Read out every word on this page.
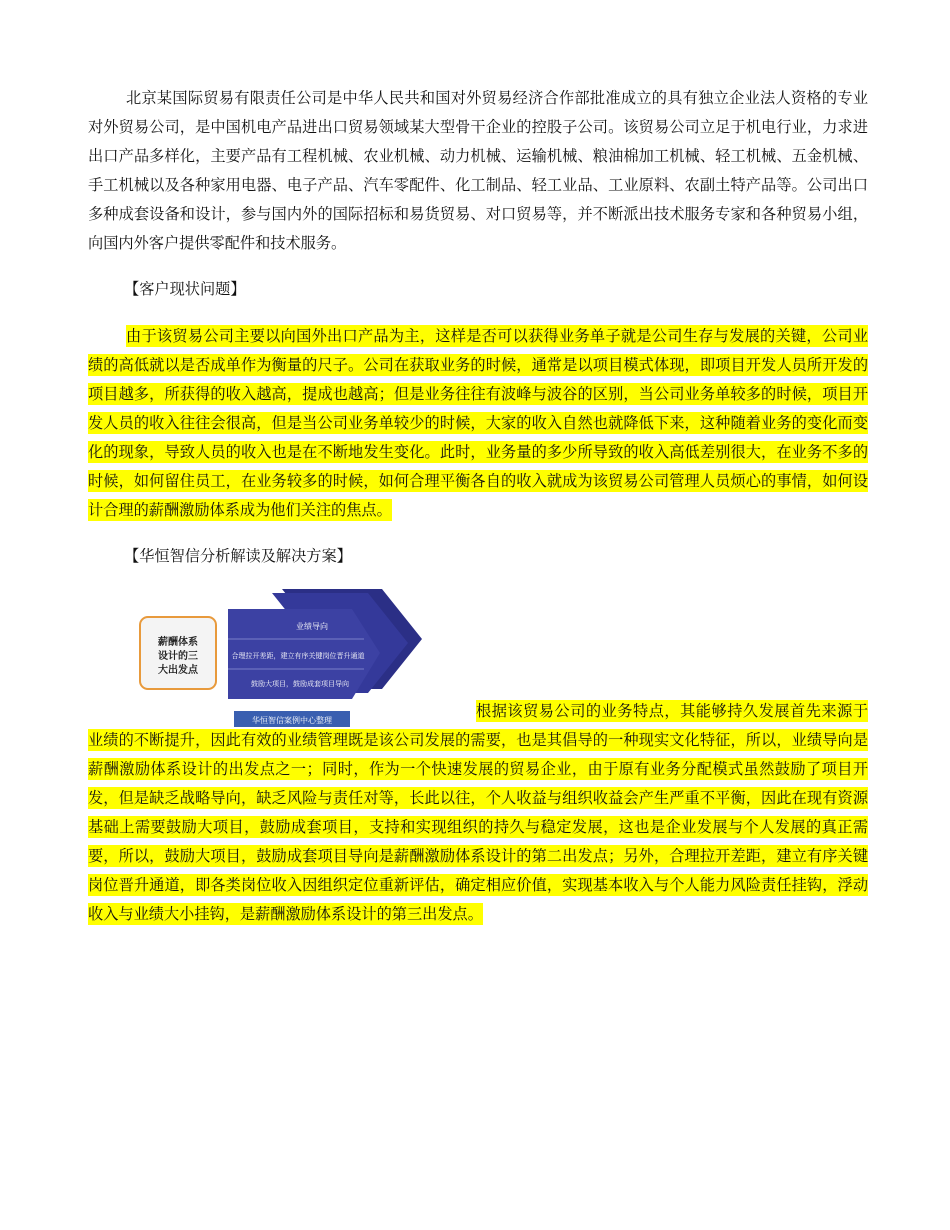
北京某国际贸易有限责任公司是中华人民共和国对外贸易经济合作部批准成立的具有独立企业法人资格的专业对外贸易公司，是中国机电产品进出口贸易领域某大型骨干企业的控股子公司。该贸易公司立足于机电行业，力求进出口产品多样化，主要产品有工程机械、农业机械、动力机械、运输机械、粮油棉加工机械、轻工机械、五金机械、手工机械以及各种家用电器、电子产品、汽车零配件、化工制品、轻工业品、工业原料、农副土特产品等。公司出口多种成套设备和设计，参与国内外的国际招标和易货贸易、对口贸易等，并不断派出技术服务专家和各种贸易小组，向国内外客户提供零配件和技术服务。

【客户现状问题】

由于该贸易公司主要以向国外出口产品为主，这样是否可以获得业务单子就是公司生存与发展的关键，公司业绩的高低就以是否成单作为衡量的尺子。公司在获取业务的时候，通常是以项目模式体现，即项目开发人员所开发的项目越多，所获得的收入越高，提成也越高；但是业务往往有波峰与波谷的区别，当公司业务单较多的时候，项目开发人员的收入往往会很高，但是当公司业务单较少的时候，大家的收入自然也就降低下来，这种随着业务的变化而变化的现象，导致人员的收入也是在不断地发生变化。此时，业务量的多少所导致的收入高低差别很大，在业务不多的时候，如何留住员工，在业务较多的时候，如何合理平衡各自的收入就成为该贸易公司管理人员烦心的事情，如何设计合理的薪酬激励体系成为他们关注的焦点。

【华恒智信分析解读及解决方案】

业绩导向
合理拉开差距，建立有序关键岗位晋升通道
鼓励大项目，鼓励成套项目导向
薪酬体系
设计的三
大出发点
华恒智信案例中心整理

根据该贸易公司的业务特点，其能够持久发展首先来源于业绩的不断提升，因此有效的业绩管理既是该公司发展的需要，也是其倡导的一种现实文化特征，所以，业绩导向是薪酬激励体系设计的出发点之一；同时，作为一个快速发展的贸易企业，由于原有业务分配模式虽然鼓励了项目开发，但是缺乏战略导向，缺乏风险与责任对等，长此以往，个人收益与组织收益会产生严重不平衡，因此在现有资源基础上需要鼓励大项目，鼓励成套项目，支持和实现组织的持久与稳定发展，这也是企业发展与个人发展的真正需要，所以，鼓励大项目，鼓励成套项目导向是薪酬激励体系设计的第二出发点；另外，合理拉开差距，建立有序关键岗位晋升通道，即各类岗位收入因组织定位重新评估，确定相应价值，实现基本收入与个人能力风险责任挂钩，浮动收入与业绩大小挂钩，是薪酬激励体系设计的第三出发点。
